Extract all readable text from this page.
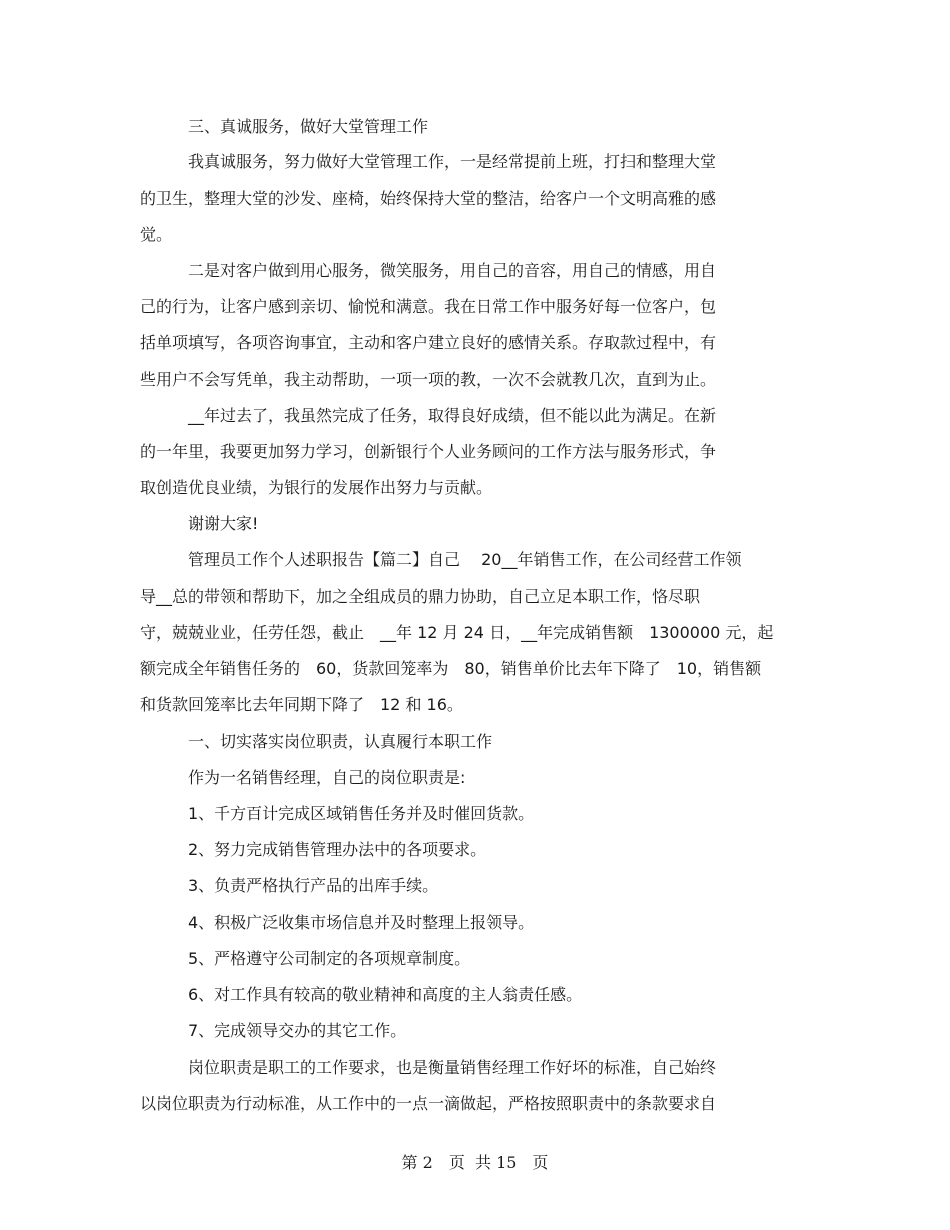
三、真诚服务，做好大堂管理工作
我真诚服务，努力做好大堂管理工作，一是经常提前上班，打扫和整理大堂
的卫生，整理大堂的沙发、座椅，始终保持大堂的整洁，给客户一个文明高雅的感
觉。
二是对客户做到用心服务，微笑服务，用自己的音容，用自己的情感，用自
己的行为，让客户感到亲切、愉悦和满意。我在日常工作中服务好每一位客户，包
括单项填写，各项咨询事宜，主动和客户建立良好的感情关系。存取款过程中，有
些用户不会写凭单，我主动帮助，一项一项的教，一次不会就教几次，直到为止。
__年过去了，我虽然完成了任务，取得良好成绩，但不能以此为满足。在新
的一年里，我要更加努力学习，创新银行个人业务顾问的工作方法与服务形式，争
取创造优良业绩，为银行的发展作出努力与贡献。
谢谢大家!
管理员工作个人述职报告【篇二】自己　 20__年销售工作，在公司经营工作领
导__总的带领和帮助下，加之全组成员的鼎力协助，自己立足本职工作，恪尽职
守，兢兢业业，任劳任怨，截止　__年 12 月 24 日，__年完成销售额　1300000 元，起
额完成全年销售任务的　60，货款回笼率为　80，销售单价比去年下降了　10，销售额
和货款回笼率比去年同期下降了　12 和 16。
一、切实落实岗位职责，认真履行本职工作
作为一名销售经理，自己的岗位职责是:
1、千方百计完成区域销售任务并及时催回货款。
2、努力完成销售管理办法中的各项要求。
3、负责严格执行产品的出库手续。
4、积极广泛收集市场信息并及时整理上报领导。
5、严格遵守公司制定的各项规章制度。
6、对工作具有较高的敬业精神和高度的主人翁责任感。
7、完成领导交办的其它工作。
岗位职责是职工的工作要求，也是衡量销售经理工作好坏的标准，自己始终
以岗位职责为行动标准，从工作中的一点一滴做起，严格按照职责中的条款要求自
第 2　页  共 15　页
